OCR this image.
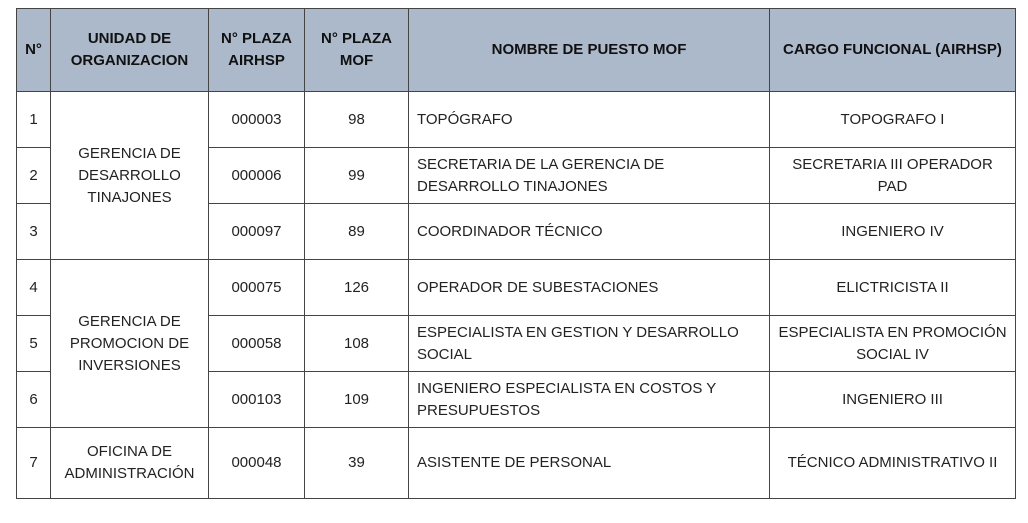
N°	UNIDAD DE ORGANIZACION	N° PLAZA AIRHSP	N° PLAZA MOF	NOMBRE DE PUESTO MOF	CARGO FUNCIONAL (AIRHSP)
1	GERENCIA DE DESARROLLO TINAJONES	000003	98	TOPÓGRAFO	TOPOGRAFO I
2		000006	99	SECRETARIA DE LA GERENCIA DE DESARROLLO TINAJONES	SECRETARIA III OPERADOR PAD
3		000097	89	COORDINADOR TÉCNICO	INGENIERO IV
4	GERENCIA DE PROMOCION DE INVERSIONES	000075	126	OPERADOR DE SUBESTACIONES	ELICTRICISTA II
5		000058	108	ESPECIALISTA EN GESTION Y DESARROLLO SOCIAL	ESPECIALISTA EN PROMOCIÓN SOCIAL IV
6		000103	109	INGENIERO ESPECIALISTA EN COSTOS Y PRESUPUESTOS	INGENIERO III
7	OFICINA DE ADMINISTRACIÓN	000048	39	ASISTENTE DE PERSONAL	TÉCNICO ADMINISTRATIVO II
